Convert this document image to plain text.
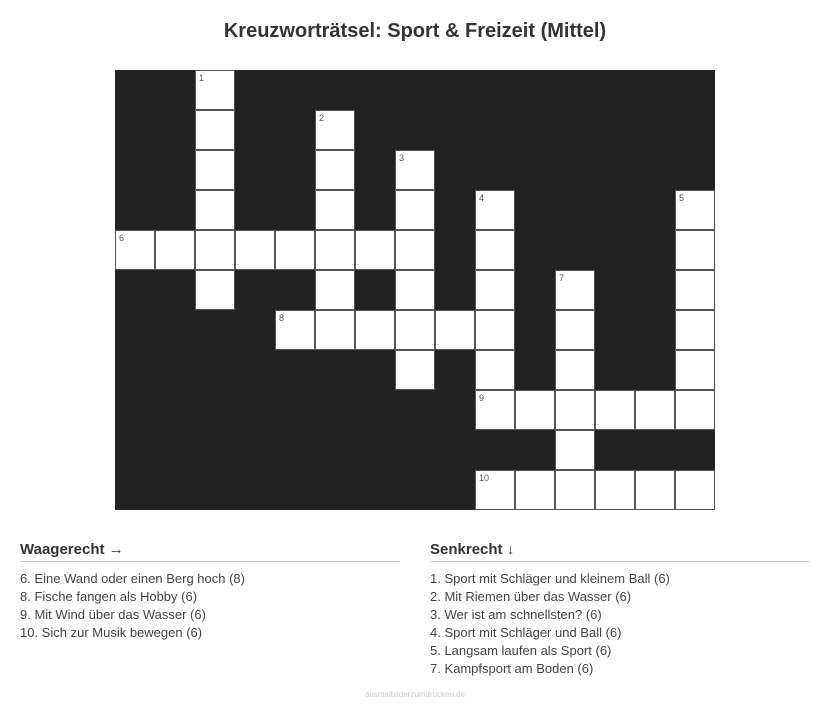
Kreuzworträtsel: Sport & Freizeit (Mittel)
1
2
3
4
9
5
7
6
8
10
Waagerecht →
6. Eine Wand oder einen Berg hoch (8)
8. Fische fangen als Hobby (6)
9. Mit Wind über das Wasser (6)
10. Sich zur Musik bewegen (6)
Senkrecht ↓
1. Sport mit Schläger und kleinem Ball (6)
2. Mit Riemen über das Wasser (6)
3. Wer ist am schnellsten? (6)
4. Sport mit Schläger und Ball (6)
5. Langsam laufen als Sport (6)
7. Kampfsport am Boden (6)
ausmalbilderzumdrucken.de
